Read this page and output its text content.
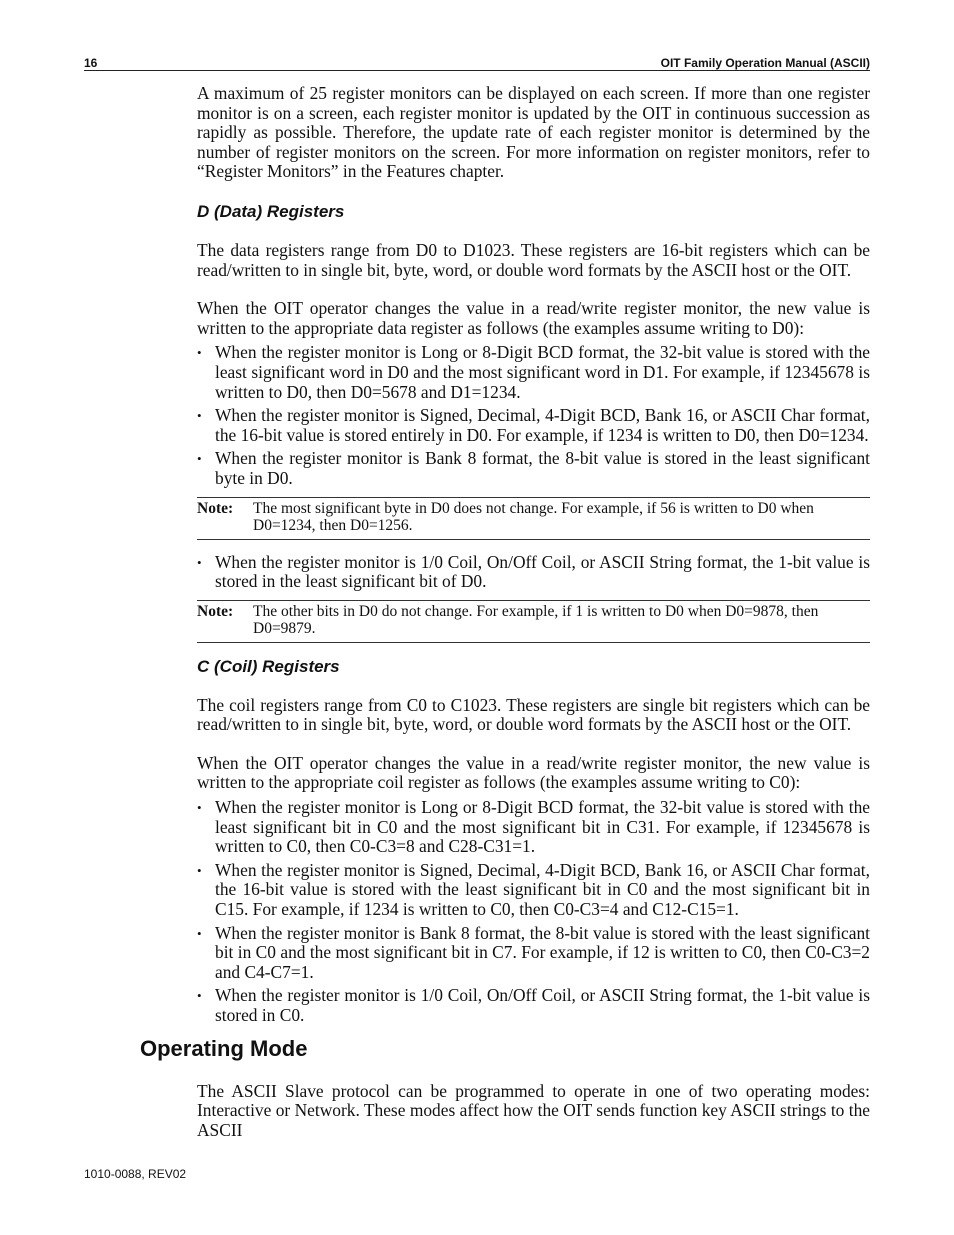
16	OIT Family Operation Manual (ASCII)

A maximum of 25 register monitors can be displayed on each screen. If more than one register monitor is on a screen, each register monitor is updated by the OIT in continuous succession as rapidly as possible. Therefore, the update rate of each register monitor is determined by the number of register monitors on the screen. For more information on register monitors, refer to “Register Monitors” in the Features chapter.

D (Data) Registers

The data registers range from D0 to D1023. These registers are 16-bit registers which can be read/written to in single bit, byte, word, or double word formats by the ASCII host or the OIT.

When the OIT operator changes the value in a read/write register monitor, the new value is written to the appropriate data register as follows (the examples assume writing to D0):

• When the register monitor is Long or 8-Digit BCD format, the 32-bit value is stored with the least significant word in D0 and the most significant word in D1. For example, if 12345678 is written to D0, then D0=5678 and D1=1234.
• When the register monitor is Signed, Decimal, 4-Digit BCD, Bank 16, or ASCII Char format, the 16-bit value is stored entirely in D0. For example, if 1234 is written to D0, then D0=1234.
• When the register monitor is Bank 8 format, the 8-bit value is stored in the least significant byte in D0.
Note:	The most significant byte in D0 does not change. For example, if 56 is written to D0 when D0=1234, then D0=1256.
• When the register monitor is 1/0 Coil, On/Off Coil, or ASCII String format, the 1-bit value is stored in the least significant bit of D0.
Note:	The other bits in D0 do not change. For example, if 1 is written to D0 when D0=9878, then D0=9879.
C (Coil) Registers

The coil registers range from C0 to C1023. These registers are single bit registers which can be read/written to in single bit, byte, word, or double word formats by the ASCII host or the OIT.

When the OIT operator changes the value in a read/write register monitor, the new value is written to the appropriate coil register as follows (the examples assume writing to C0):

• When the register monitor is Long or 8-Digit BCD format, the 32-bit value is stored with the least significant bit in C0 and the most significant bit in C31. For example, if 12345678 is written to C0, then C0-C3=8 and C28-C31=1.
• When the register monitor is Signed, Decimal, 4-Digit BCD, Bank 16, or ASCII Char format, the 16-bit value is stored with the least significant bit in C0 and the most significant bit in C15. For example, if 1234 is written to C0, then C0-C3=4 and C12-C15=1.
• When the register monitor is Bank 8 format, the 8-bit value is stored with the least significant bit in C0 and the most significant bit in C7. For example, if 12 is written to C0, then C0-C3=2 and C4-C7=1.
• When the register monitor is 1/0 Coil, On/Off Coil, or ASCII String format, the 1-bit value is stored in C0.
Operating Mode

The ASCII Slave protocol can be programmed to operate in one of two operating modes: Interactive or Network. These modes affect how the OIT sends function key ASCII strings to the ASCII

1010-0088, REV02
